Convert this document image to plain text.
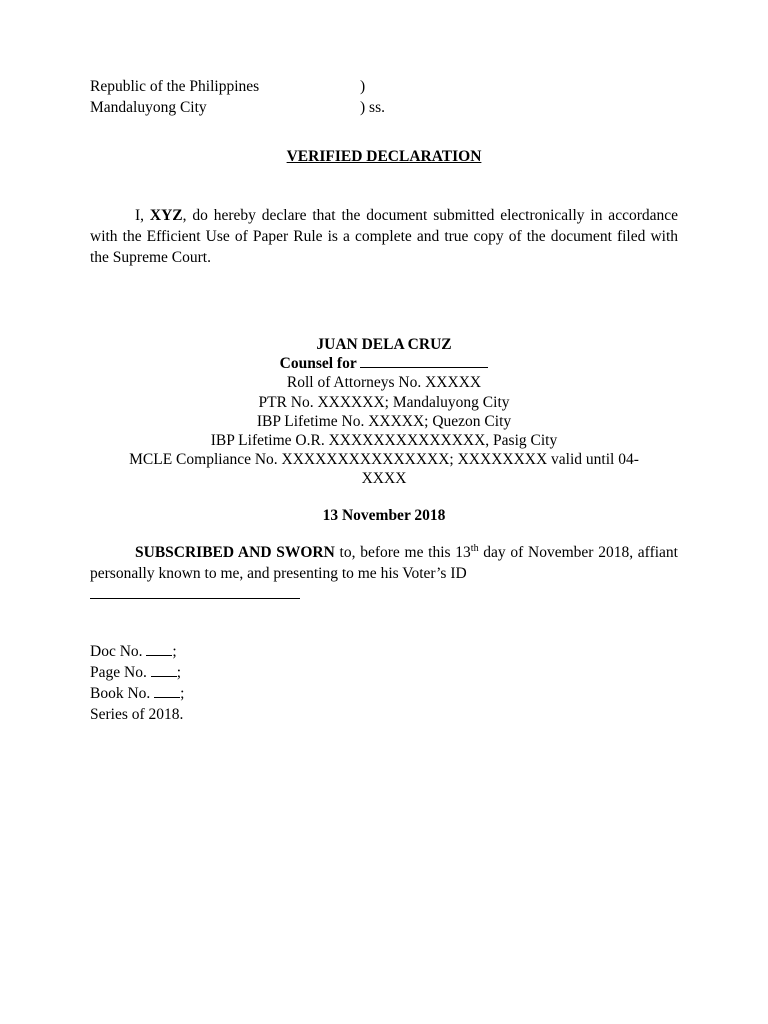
Republic of the Philippines	)
Mandaluyong City	) ss.
VERIFIED DECLARATION
I, XYZ, do hereby declare that the document submitted electronically in accordance with the Efficient Use of Paper Rule is a complete and true copy of the document filed with the Supreme Court.
JUAN DELA CRUZ
Counsel for
Roll of Attorneys No. XXXXX
PTR No. XXXXXX; Mandaluyong City
IBP Lifetime No. XXXXX; Quezon City
IBP Lifetime O.R. XXXXXXXXXXXXXX, Pasig City
MCLE Compliance No. XXXXXXXXXXXXXXX; XXXXXXXX valid until 04-
XXXX
13 November 2018
SUBSCRIBED AND SWORN to, before me this 13th day of November 2018, affiant personally known to me, and presenting to me his Voter’s ID
Doc No. ;
Page No. ;
Book No. ;
Series of 2018.
